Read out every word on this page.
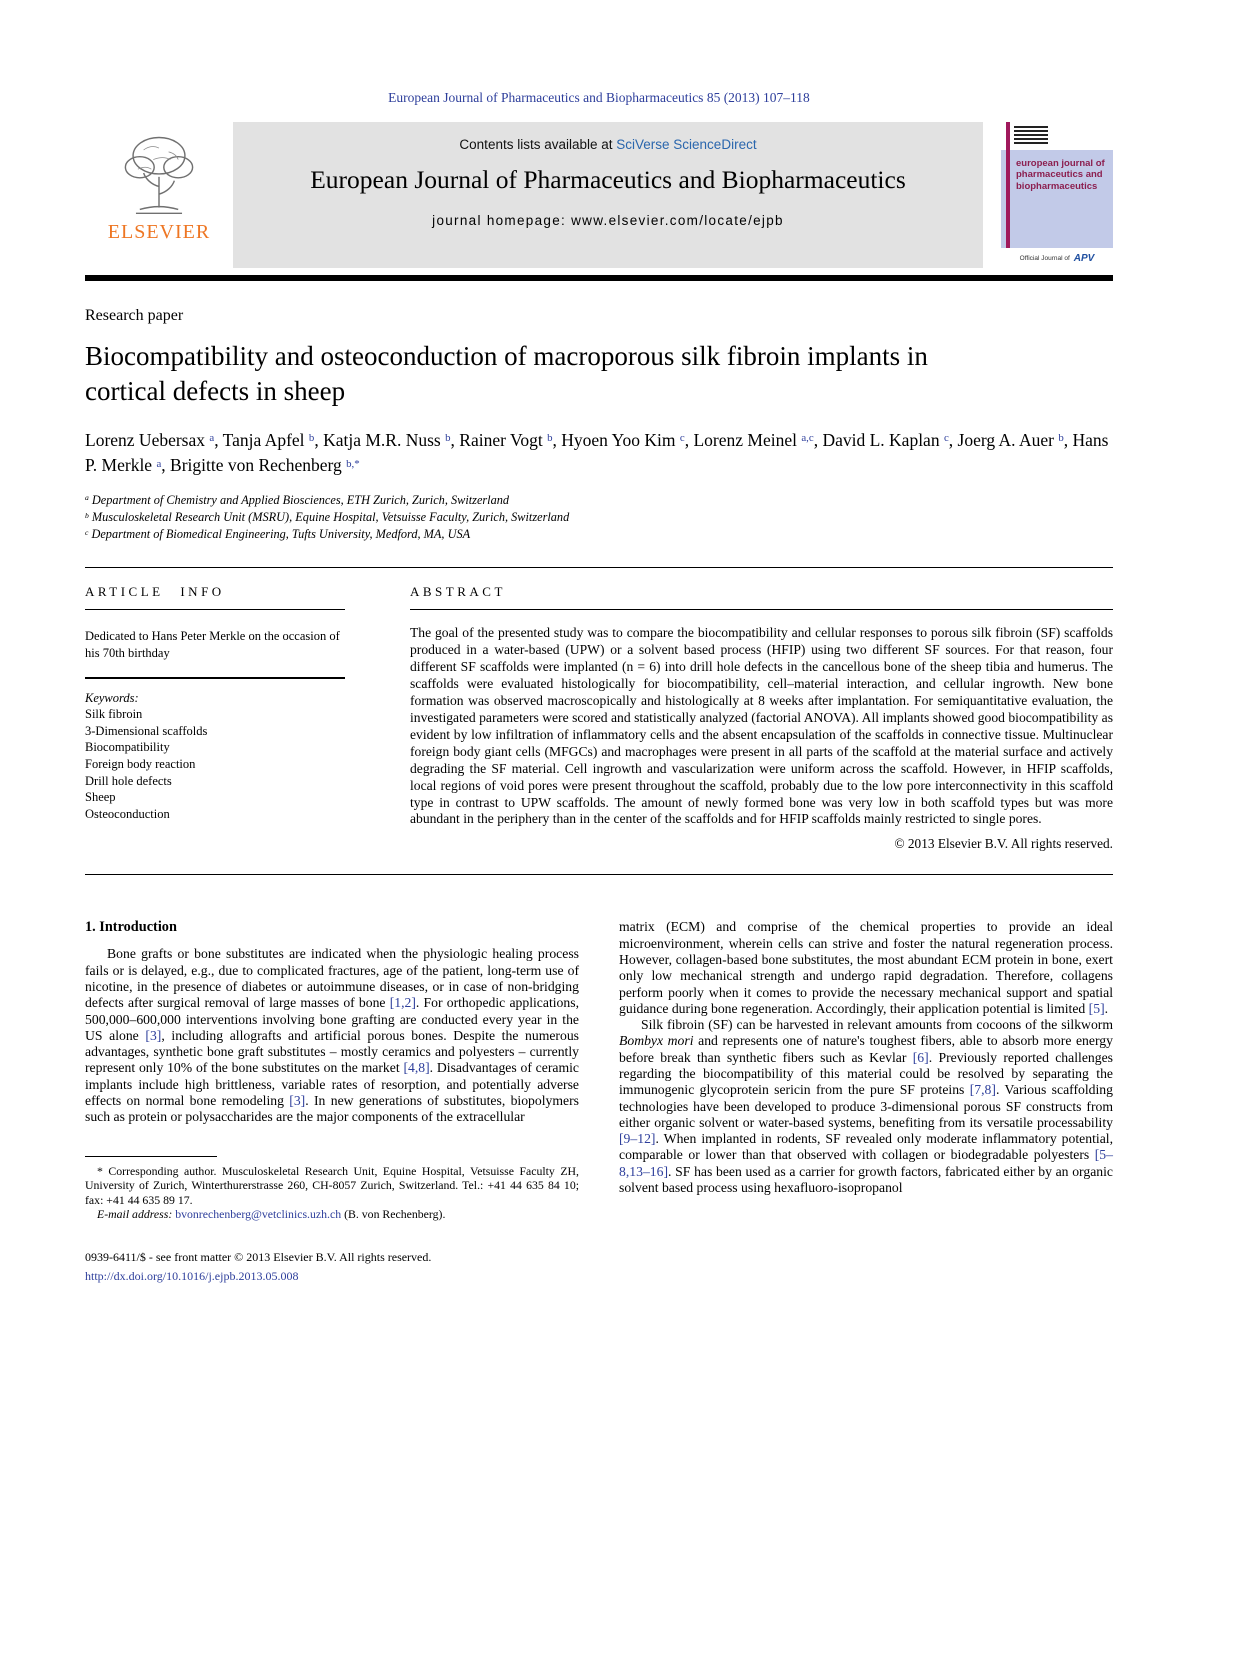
European Journal of Pharmaceutics and Biopharmaceutics 85 (2013) 107–118
ELSEVIER
Contents lists available at SciVerse ScienceDirect
European Journal of Pharmaceutics and Biopharmaceutics
journal homepage: www.elsevier.com/locate/ejpb
european journal of pharmaceutics and biopharmaceutics
Official Journal of APV
Research paper
Biocompatibility and osteoconduction of macroporous silk fibroin implants in cortical defects in sheep
Lorenz Uebersax $^a$, Tanja Apfel $^b$, Katja M.R. Nuss $^b$, Rainer Vogt $^b$, Hyoen Yoo Kim $^c$, Lorenz Meinel $^{a,c}$, David L. Kaplan $^c$, Joerg A. Auer $^b$, Hans P. Merkle $^a$, Brigitte von Rechenberg $^{b,*}$
$^a$ Department of Chemistry and Applied Biosciences, ETH Zurich, Zurich, Switzerland
$^b$ Musculoskeletal Research Unit (MSRU), Equine Hospital, Vetsuisse Faculty, Zurich, Switzerland
$^c$ Department of Biomedical Engineering, Tufts University, Medford, MA, USA
ARTICLE INFO

Dedicated to Hans Peter Merkle on the occasion of his 70th birthday

Keywords:
Silk fibroin
3-Dimensional scaffolds
Biocompatibility
Foreign body reaction
Drill hole defects
Sheep
Osteoconduction
ABSTRACT

The goal of the presented study was to compare the biocompatibility and cellular responses to porous silk fibroin (SF) scaffolds produced in a water-based (UPW) or a solvent based process (HFIP) using two different SF sources. For that reason, four different SF scaffolds were implanted (n = 6) into drill hole defects in the cancellous bone of the sheep tibia and humerus. The scaffolds were evaluated histologically for biocompatibility, cell–material interaction, and cellular ingrowth. New bone formation was observed macroscopically and histologically at 8 weeks after implantation. For semiquantitative evaluation, the investigated parameters were scored and statistically analyzed (factorial ANOVA). All implants showed good biocompatibility as evident by low infiltration of inflammatory cells and the absent encapsulation of the scaffolds in connective tissue. Multinuclear foreign body giant cells (MFGCs) and macrophages were present in all parts of the scaffold at the material surface and actively degrading the SF material. Cell ingrowth and vascularization were uniform across the scaffold. However, in HFIP scaffolds, local regions of void pores were present throughout the scaffold, probably due to the low pore interconnectivity in this scaffold type in contrast to UPW scaffolds. The amount of newly formed bone was very low in both scaffold types but was more abundant in the periphery than in the center of the scaffolds and for HFIP scaffolds mainly restricted to single pores.

© 2013 Elsevier B.V. All rights reserved.
1. Introduction

Bone grafts or bone substitutes are indicated when the physiologic healing process fails or is delayed, e.g., due to complicated fractures, age of the patient, long-term use of nicotine, in the presence of diabetes or autoimmune diseases, or in case of non-bridging defects after surgical removal of large masses of bone [1,2]. For orthopedic applications, 500,000–600,000 interventions involving bone grafting are conducted every year in the US alone [3], including allografts and artificial porous bones. Despite the numerous advantages, synthetic bone graft substitutes – mostly ceramics and polyesters – currently represent only 10% of the bone substitutes on the market [4,8]. Disadvantages of ceramic implants include high brittleness, variable rates of resorption, and potentially adverse effects on normal bone remodeling [3]. In new generations of substitutes, biopolymers such as protein or polysaccharides are the major components of the extracellular

* Corresponding author. Musculoskeletal Research Unit, Equine Hospital, Vetsuisse Faculty ZH, University of Zurich, Winterthurerstrasse 260, CH-8057 Zurich, Switzerland. Tel.: +41 44 635 84 10; fax: +41 44 635 89 17.

E-mail address: bvonrechenberg@vetclinics.uzh.ch (B. von Rechenberg).

matrix (ECM) and comprise of the chemical properties to provide an ideal microenvironment, wherein cells can strive and foster the natural regeneration process. However, collagen-based bone substitutes, the most abundant ECM protein in bone, exert only low mechanical strength and undergo rapid degradation. Therefore, collagens perform poorly when it comes to provide the necessary mechanical support and spatial guidance during bone regeneration. Accordingly, their application potential is limited [5].

Silk fibroin (SF) can be harvested in relevant amounts from cocoons of the silkworm Bombyx mori and represents one of nature's toughest fibers, able to absorb more energy before break than synthetic fibers such as Kevlar [6]. Previously reported challenges regarding the biocompatibility of this material could be resolved by separating the immunogenic glycoprotein sericin from the pure SF proteins [7,8]. Various scaffolding technologies have been developed to produce 3-dimensional porous SF constructs from either organic solvent or water-based systems, benefiting from its versatile processability [9–12]. When implanted in rodents, SF revealed only moderate inflammatory potential, comparable or lower than that observed with collagen or biodegradable polyesters [5–8,13–16]. SF has been used as a carrier for growth factors, fabricated either by an organic solvent based process using hexafluoro-isopropanol

0939-6411/$ - see front matter © 2013 Elsevier B.V. All rights reserved.
http://dx.doi.org/10.1016/j.ejpb.2013.05.008
